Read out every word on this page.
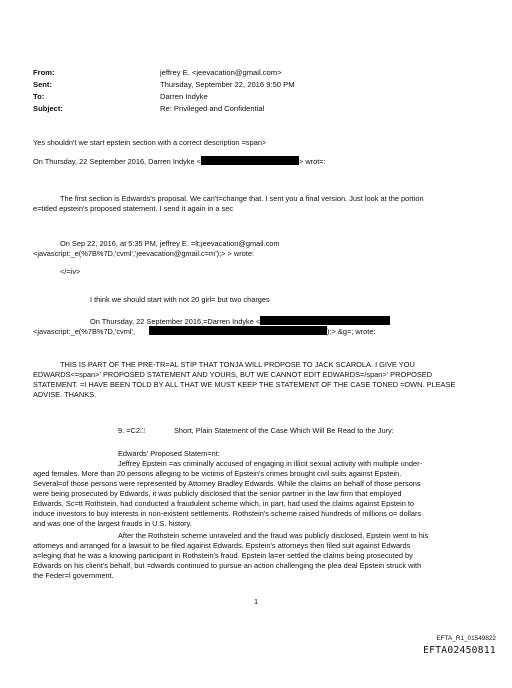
From:	jeffrey E. <jeevacation@gmail.com>
Sent:	Thursday, September 22, 2016 9:50 PM
To:	Darren Indyke
Subject:	Re: Privileged and Confidential
Yes shouldn't we start epstein section with a correct description =span>
On Thursday, 22 September 2016, Darren Indyke <	> wrot=:
The first section is Edwards's proposal. We can't=change that. I sent you a final version. Just look at the portion
e=titled epstein's proposed statement. I send it again in a sec
On Sep 22, 2016, at 5:35 PM, jeffrey E. =lt;jeevacation@gmail.com
<javascript:_e(%7B%7D,'cvml','jeevacation@gmail.c=m');> > wrote:
</=iv>
I think we should start with not 20 girl= but two charges
On Thursday, 22 September 2016,=Darren Indyke <
<javascript:_e(%7B%7D,'cvml',	);> &g=; wrote:
THIS IS PART OF THE PRE-TR=AL STIP THAT TONJA WILL PROPOSE TO JACK SCAROLA. I GIVE YOU
EDWARDS<=span>' PROPOSED STATEMENT AND YOURS, BUT WE CANNOT EDIT EDWARDS=/span>' PROPOSED
STATEMENT. =I HAVE BEEN TOLD BY ALL THAT WE MUST KEEP THE STATEMENT OF THE CASE TONED =OWN. PLEASE
ADVISE. THANKS.
9. =C2 	Short, Plain Statement of the Case Which Will Be Read to the Jury:
Edwards' Proposed Statem=nt:
Jeffrey Epstein =as criminally accused of engaging in illicit sexual activity with multiple under-
aged females. More than 20 persons alleging to be victims of Epstein's crimes brought civil suits against Epstein.
Several=of those persons were represented by Attorney Bradley Edwards. While the claims on behalf of those persons
were being prosecuted by Edwards, it was publicly disclosed that the senior partner in the law firm that employed
Edwards, Sc=tt Rothstein, had conducted a fraudulent scheme which, in part, had used the claims against Epstein to
induce investors to buy interests in non-existent settlements. Rothstein's scheme raised hundreds of millions o= dollars
and was one of the largest frauds in U.S. history.
After the Rothstein scheme unraveled and the fraud was publicly disclosed, Epstein went to his
attorneys and arranged for a lawsuit to be filed against Edwards. Epstein's attorneys then filed suit against Edwards
a=leging that he was a knowing participant in Rothstein's fraud. Epstein la=er settled the claims being prosecuted by
Edwards on his client's behalf, but =dwards continued to pursue an action challenging the plea deal Epstein struck with
the Feder=l government.
1
EFTA_R1_01549822
EFTA02450811
